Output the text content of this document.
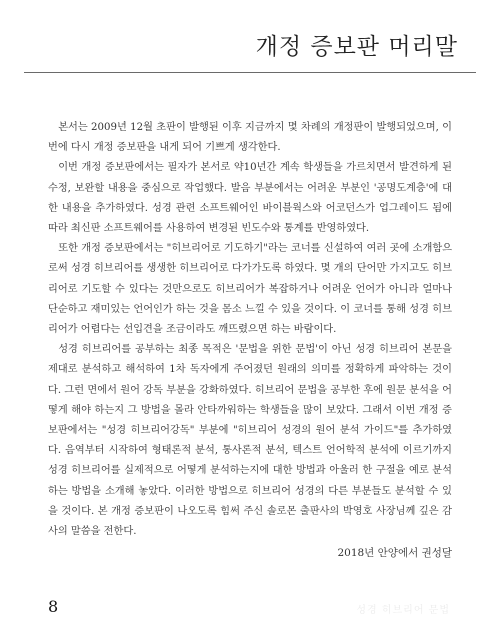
개정 증보판 머리말

본서는 2009년 12월 초판이 발행된 이후 지금까지 몇 차례의 개정판이 발행되었으며, 이번에 다시 개정 증보판을 내게 되어 기쁘게 생각한다.

이번 개정 증보판에서는 필자가 본서로 약10년간 계속 학생들을 가르치면서 발견하게 된 수정, 보완할 내용을 중심으로 작업했다. 발음 부분에서는 어려운 부분인 '공명도계층'에 대한 내용을 추가하였다. 성경 관련 소프트웨어인 바이블웍스와 어코던스가 업그레이드 됨에 따라 최신판 소프트웨어를 사용하여 변경된 빈도수와 통계를 반영하였다.

또한 개정 증보판에서는 "히브리어로 기도하기"라는 코너를 신설하여 여러 곳에 소개함으로써 성경 히브리어를 생생한 히브리어로 다가가도록 하였다. 몇 개의 단어만 가지고도 히브리어로 기도할 수 있다는 것만으로도 히브리어가 복잡하거나 어려운 언어가 아니라 얼마나 단순하고 재미있는 언어인가 하는 것을 몸소 느낄 수 있을 것이다. 이 코너를 통해 성경 히브리어가 어렵다는 선입견을 조금이라도 깨뜨렸으면 하는 바람이다.

성경 히브리어를 공부하는 최종 목적은 '문법을 위한 문법'이 아닌 성경 히브리어 본문을 제대로 분석하고 해석하여 1차 독자에게 주어졌던 원래의 의미를 정확하게 파악하는 것이다. 그런 면에서 원어 강독 부분을 강화하였다. 히브리어 문법을 공부한 후에 원문 분석을 어떻게 해야 하는지 그 방법을 몰라 안타까워하는 학생들을 많이 보았다. 그래서 이번 개정 증보판에서는 "성경 히브리어강독" 부분에 "히브리어 성경의 원어 분석 가이드"를 추가하였다. 음역부터 시작하여 형태론적 분석, 통사론적 분석, 텍스트 언어학적 분석에 이르기까지 성경 히브리어를 실제적으로 어떻게 분석하는지에 대한 방법과 아울러 한 구절을 예로 분석하는 방법을 소개해 놓았다. 이러한 방법으로 히브리어 성경의 다른 부분들도 분석할 수 있을 것이다. 본 개정 증보판이 나오도록 힘써 주신 솔로몬 출판사의 박영호 사장님께 깊은 감사의 말씀을 전한다.

2018년 안양에서 권성달
8	성경 히브리어 문법
